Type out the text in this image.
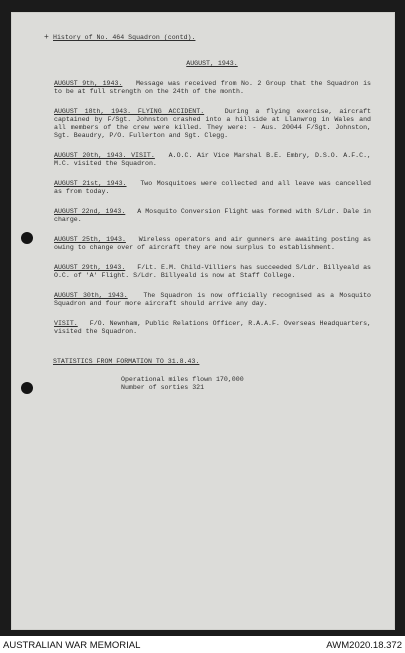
+ History of No. 464 Squadron (contd).
AUGUST, 1943.
AUGUST 9th, 1943. Message was received from No. 2 Group that the Squadron is to be at full strength on the 24th of the month.
AUGUST 18th, 1943. FLYING ACCIDENT.	During a flying exercise, aircraft captained by F/Sgt. Johnston crashed into a hillside at Llanwrog in Wales and all members of the crew were killed. They were: - Aus. 20044 F/Sgt. Johnston, Sgt. Beaudry, P/O. Fullerton and Sgt. Clegg.
AUGUST 20th, 1943. VISIT. A.O.C. Air Vice Marshal B.E. Embry, D.S.O. A.F.C., M.C. visited the Squadron.
AUGUST 21st, 1943. Two Mosquitoes were collected and all leave was cancelled as from today.
AUGUST 22nd, 1943. A Mosquito Conversion Flight was formed with S/Ldr. Dale in charge.
AUGUST 25th, 1943. Wireless operators and air gunners are awaiting posting as owing to change over of aircraft they are now surplus to establishment.
AUGUST 29th, 1943. F/Lt. E.M. Child-Villiers has succeeded S/Ldr. Billyeald as O.C. of 'A' Flight. S/Ldr. Billyeald is now at Staff College.
AUGUST 30th, 1943. The Squadron is now officially recognised as a Mosquito Squadron and four more aircraft should arrive any day.
VISIT. F/O. Newnham, Public Relations Officer, R.A.A.F. Overseas Headquarters, visited the Squadron.
STATISTICS FROM FORMATION TO 31.8.43.
Operational miles flown 170,000
Number of sorties 321
AUSTRALIAN WAR MEMORIAL	AWM2020.18.372
